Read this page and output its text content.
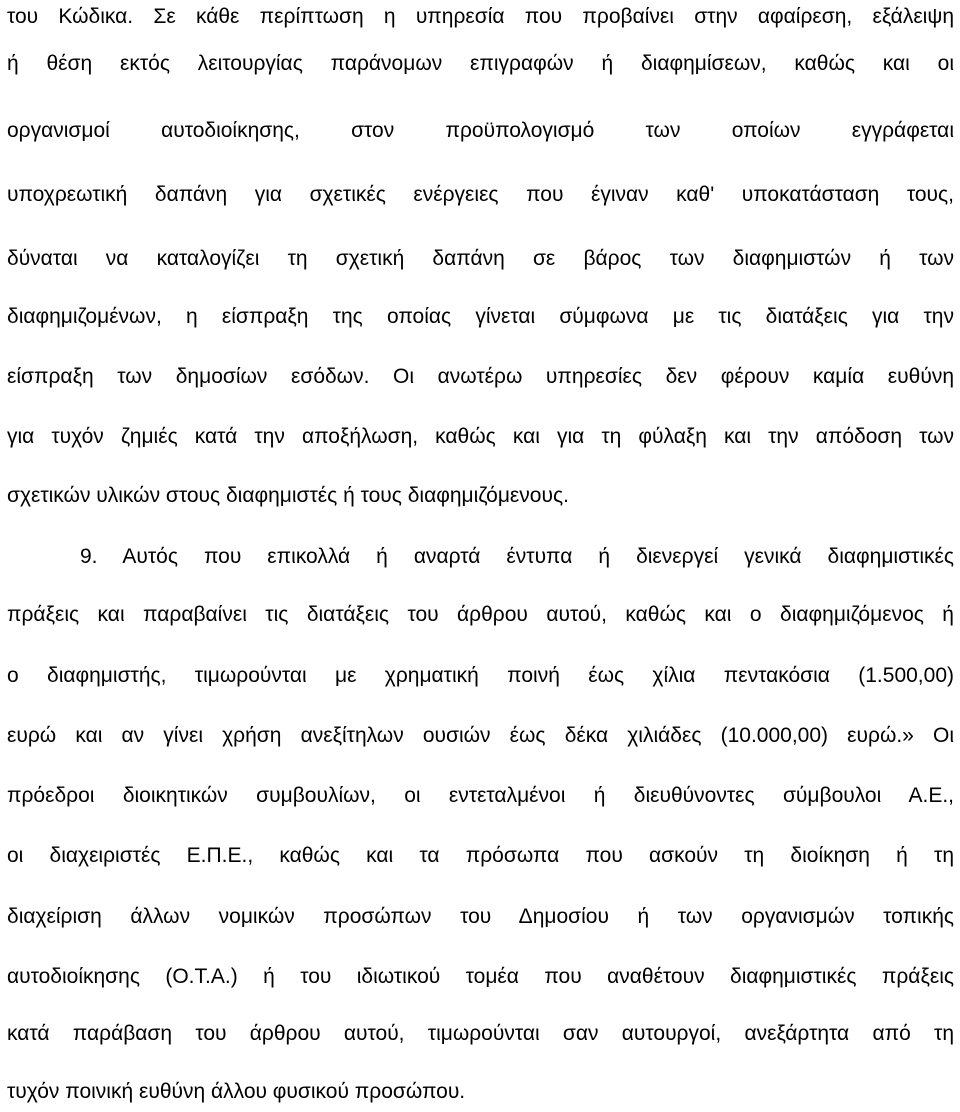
του Κώδικα. Σε κάθε περίπτωση η υπηρεσία που προβαίνει στην αφαίρεση, εξάλειψη
ή θέση εκτός λειτουργίας παράνομων επιγραφών ή διαφημίσεων, καθώς και οι
οργανισμοί αυτοδιοίκησης, στον προϋπολογισμό των οποίων εγγράφεται
υποχρεωτική δαπάνη για σχετικές ενέργειες που έγιναν καθ' υποκατάσταση τους,
δύναται να καταλογίζει τη σχετική δαπάνη σε βάρος των διαφημιστών ή των
διαφημιζομένων, η είσπραξη της οποίας γίνεται σύμφωνα με τις διατάξεις για την
είσπραξη των δημοσίων εσόδων. Οι ανωτέρω υπηρεσίες δεν φέρουν καμία ευθύνη
για τυχόν ζημιές κατά την αποξήλωση, καθώς και για τη φύλαξη και την απόδοση των
σχετικών υλικών στους διαφημιστές ή τους διαφημιζόμενους.
9. Αυτός που επικολλά ή αναρτά έντυπα ή διενεργεί γενικά διαφημιστικές
πράξεις και παραβαίνει τις διατάξεις του άρθρου αυτού, καθώς και ο διαφημιζόμενος ή
ο διαφημιστής, τιμωρούνται με χρηματική ποινή έως χίλια πεντακόσια (1.500,00)
ευρώ και αν γίνει χρήση ανεξίτηλων ουσιών έως δέκα χιλιάδες (10.000,00) ευρώ.» Οι
πρόεδροι διοικητικών συμβουλίων, οι εντεταλμένοι ή διευθύνοντες σύμβουλοι Α.Ε.,
οι διαχειριστές Ε.Π.Ε., καθώς και τα πρόσωπα που ασκούν τη διοίκηση ή τη
διαχείριση άλλων νομικών προσώπων του Δημοσίου ή των οργανισμών τοπικής
αυτοδιοίκησης (Ο.Τ.Α.) ή του ιδιωτικού τομέα που αναθέτουν διαφημιστικές πράξεις
κατά παράβαση του άρθρου αυτού, τιμωρούνται σαν αυτουργοί, ανεξάρτητα από τη
τυχόν ποινική ευθύνη άλλου φυσικού προσώπου.
